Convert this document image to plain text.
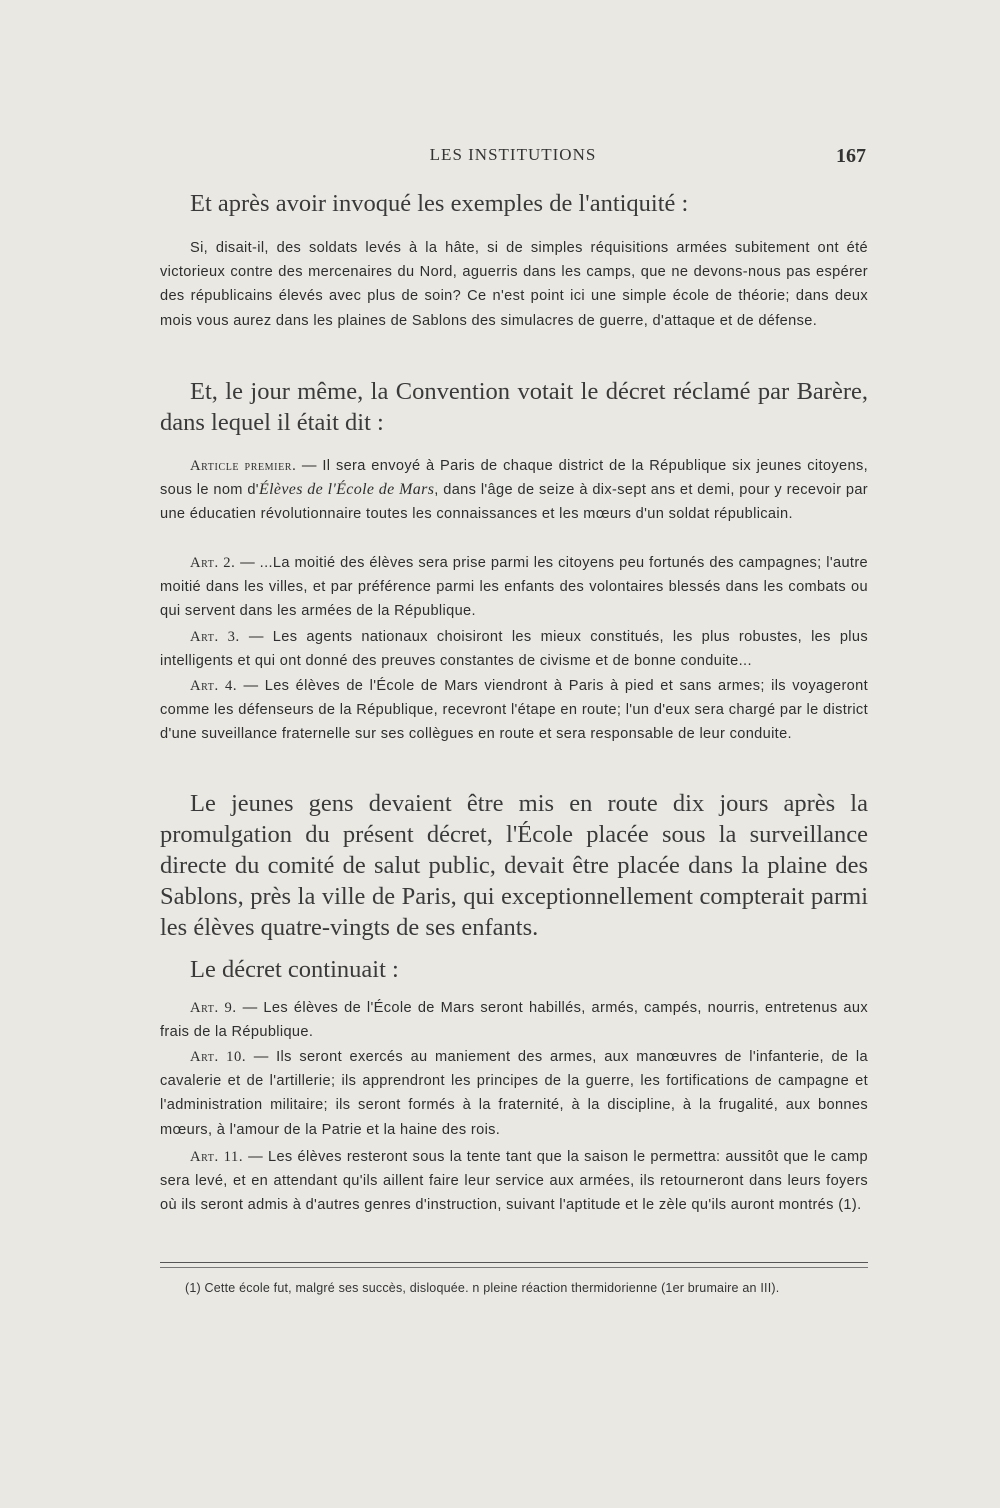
LES INSTITUTIONS	167

Et après avoir invoqué les exemples de l'antiquité :

Si, disait-il, des soldats levés à la hâte, si de simples réquisitions armées subitement ont été victorieux contre des mercenaires du Nord, aguerris dans les camps, que ne devons-nous pas espérer des républicains élevés avec plus de soin? Ce n'est point ici une simple école de théorie; dans deux mois vous aurez dans les plaines de Sablons des simulacres de guerre, d'attaque et de défense.

Et, le jour même, la Convention votait le décret réclamé par Barère, dans lequel il était dit :

Article premier. — Il sera envoyé à Paris de chaque district de la République six jeunes citoyens, sous le nom d'Élèves de l'École de Mars, dans l'âge de seize à dix-sept ans et demi, pour y recevoir par une éducatien révolutionnaire toutes les connaissances et les mœurs d'un soldat républicain.

Art. 2. — ...La moitié des élèves sera prise parmi les citoyens peu fortunés des campagnes; l'autre moitié dans les villes, et par préférence parmi les enfants des volontaires blessés dans les combats ou qui servent dans les armées de la République.

Art. 3. — Les agents nationaux choisiront les mieux constitués, les plus robustes, les plus intelligents et qui ont donné des preuves constantes de civisme et de bonne conduite...

Art. 4. — Les élèves de l'École de Mars viendront à Paris à pied et sans armes; ils voyageront comme les défenseurs de la République, recevront l'étape en route; l'un d'eux sera chargé par le district d'une suveillance fraternelle sur ses collègues en route et sera responsable de leur conduite.

Le jeunes gens devaient être mis en route dix jours après la promulgation du présent décret, l'École placée sous la surveillance directe du comité de salut public, devait être placée dans la plaine des Sablons, près la ville de Paris, qui exceptionnellement compterait parmi les élèves quatre-vingts de ses enfants.

Le décret continuait :

Art. 9. — Les élèves de l'École de Mars seront habillés, armés, campés, nourris, entretenus aux frais de la République.

Art. 10. — Ils seront exercés au maniement des armes, aux manœuvres de l'infanterie, de la cavalerie et de l'artillerie; ils apprendront les principes de la guerre, les fortifications de campagne et l'administration militaire; ils seront formés à la fraternité, à la discipline, à la frugalité, aux bonnes mœurs, à l'amour de la Patrie et la haine des rois.

Art. 11. — Les élèves resteront sous la tente tant que la saison le permettra: aussitôt que le camp sera levé, et en attendant qu'ils aillent faire leur service aux armées, ils retourneront dans leurs foyers où ils seront admis à d'autres genres d'instruction, suivant l'aptitude et le zèle qu'ils auront montrés (1).

(1) Cette école fut, malgré ses succès, disloquée. n pleine réaction thermidorienne (1er brumaire an III).
